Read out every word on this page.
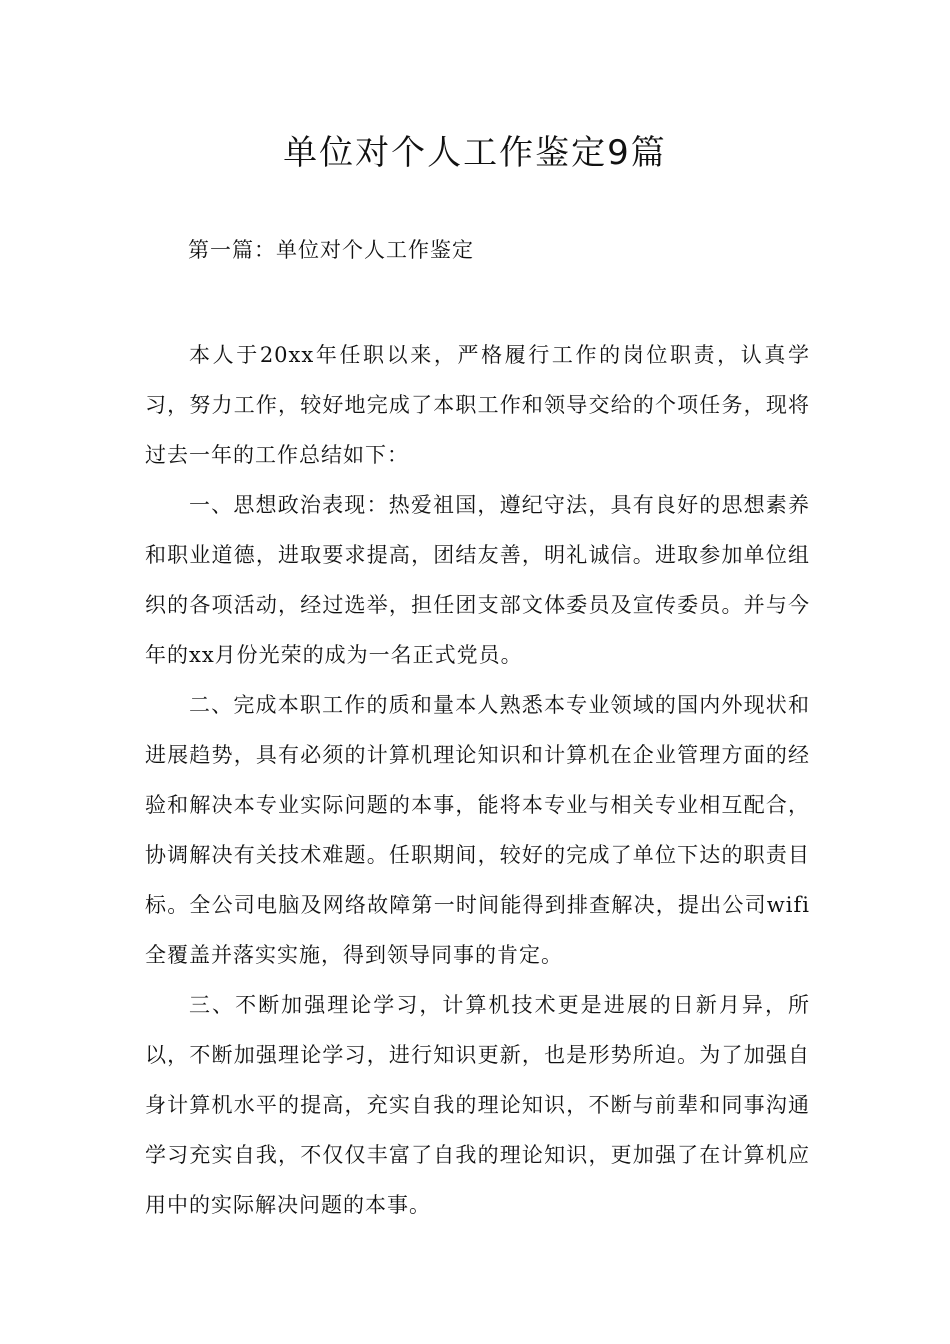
单位对个人工作鉴定9篇
第一篇：单位对个人工作鉴定

本人于20xx年任职以来，严格履行工作的岗位职责，认真学习，努力工作，较好地完成了本职工作和领导交给的个项任务，现将过去一年的工作总结如下：

一、思想政治表现：热爱祖国，遵纪守法，具有良好的思想素养和职业道德，进取要求提高，团结友善，明礼诚信。进取参加单位组织的各项活动，经过选举，担任团支部文体委员及宣传委员。并与今年的xx月份光荣的成为一名正式党员。

二、完成本职工作的质和量本人熟悉本专业领域的国内外现状和进展趋势，具有必须的计算机理论知识和计算机在企业管理方面的经验和解决本专业实际问题的本事，能将本专业与相关专业相互配合，协调解决有关技术难题。任职期间，较好的完成了单位下达的职责目标。全公司电脑及网络故障第一时间能得到排查解决，提出公司wifi全覆盖并落实实施，得到领导同事的肯定。

三、不断加强理论学习，计算机技术更是进展的日新月异，所以，不断加强理论学习，进行知识更新，也是形势所迫。为了加强自身计算机水平的提高，充实自我的理论知识，不断与前辈和同事沟通学习充实自我，不仅仅丰富了自我的理论知识，更加强了在计算机应用中的实际解决问题的本事。
